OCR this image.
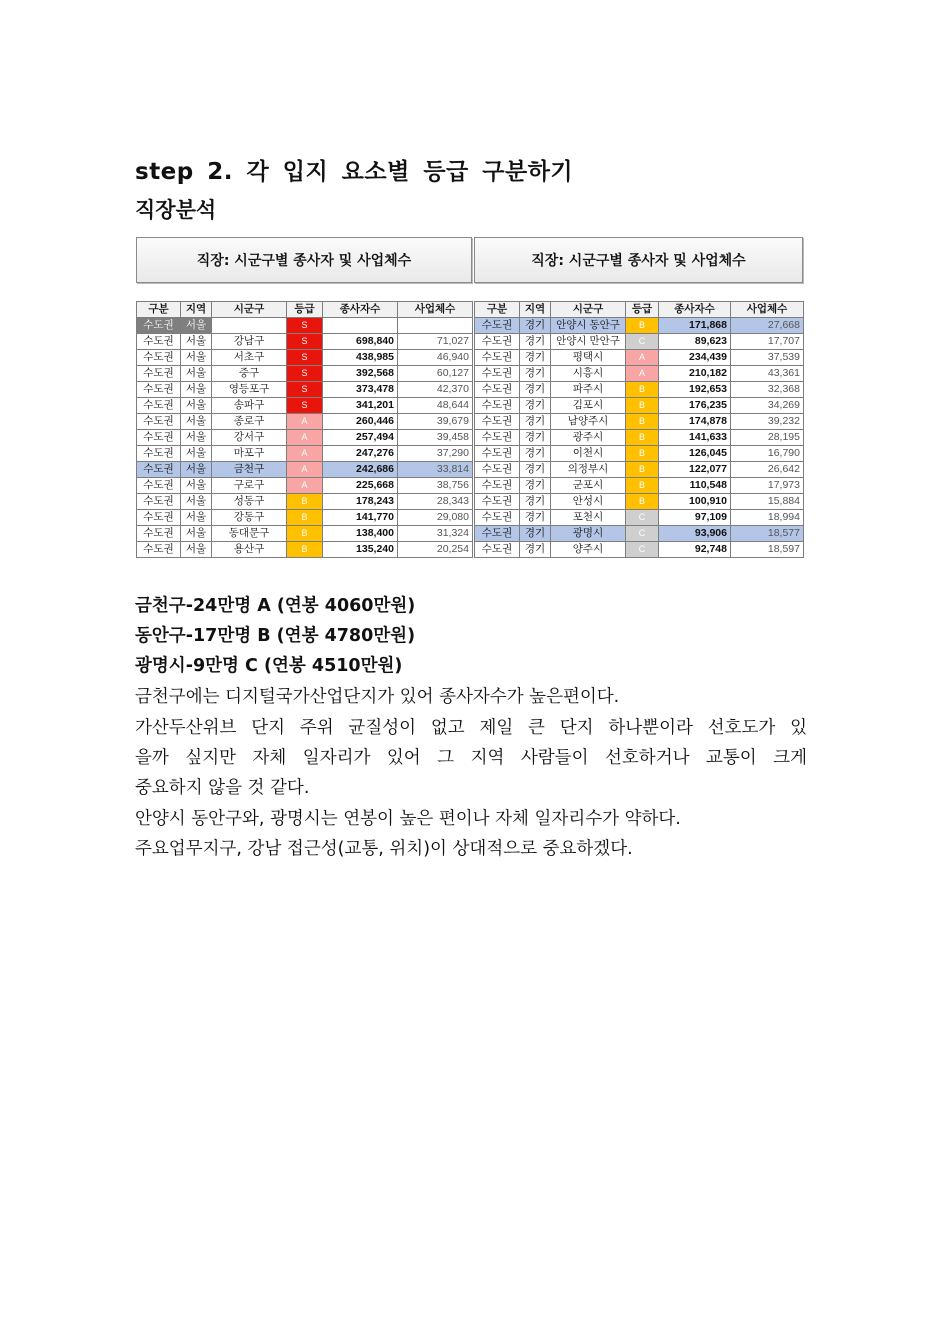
step 2. 각 입지 요소별 등급 구분하기
직장분석
직장: 시군구별 종사자 및 사업체수
구분	지역	시군구	등급	종사자수	사업체수
수도권	서울		S		
수도권	서울	강남구	S	698,840	71,027
수도권	서울	서초구	S	438,985	46,940
수도권	서울	중구	S	392,568	60,127
수도권	서울	영등포구	S	373,478	42,370
수도권	서울	송파구	S	341,201	48,644
수도권	서울	종로구	A	260,446	39,679
수도권	서울	강서구	A	257,494	39,458
수도권	서울	마포구	A	247,276	37,290
수도권	서울	금천구	A	242,686	33,814
수도권	서울	구로구	A	225,668	38,756
수도권	서울	성동구	B	178,243	28,343
수도권	서울	강동구	B	141,770	29,080
수도권	서울	동대문구	B	138,400	31,324
수도권	서울	용산구	B	135,240	20,254
직장: 시군구별 종사자 및 사업체수
구분	지역	시군구	등급	종사자수	사업체수
수도권	경기	안양시 동안구	B	171,868	27,668
수도권	경기	안양시 만안구	C	89,623	17,707
수도권	경기	평택시	A	234,439	37,539
수도권	경기	시흥시	A	210,182	43,361
수도권	경기	파주시	B	192,653	32,368
수도권	경기	김포시	B	176,235	34,269
수도권	경기	남양주시	B	174,878	39,232
수도권	경기	광주시	B	141,633	28,195
수도권	경기	이천시	B	126,045	16,790
수도권	경기	의정부시	B	122,077	26,642
수도권	경기	군포시	B	110,548	17,973
수도권	경기	안성시	B	100,910	15,884
수도권	경기	포천시	C	97,109	18,994
수도권	경기	광명시	C	93,906	18,577
수도권	경기	양주시	C	92,748	18,597
금천구-24만명 A (연봉 4060만원)
동안구-17만명 B (연봉 4780만원)
광명시-9만명 C (연봉 4510만원)
금천구에는 디지털국가산업단지가 있어 종사자수가 높은편이다.
가산두산위브 단지 주위 균질성이 없고 제일 큰 단지 하나뿐이라 선호도가 있
을까 싶지만 자체 일자리가 있어 그 지역 사람들이 선호하거나 교통이 크게
중요하지 않을 것 같다.
안양시 동안구와, 광명시는 연봉이 높은 편이나 자체 일자리수가 약하다.
주요업무지구, 강남 접근성(교통, 위치)이 상대적으로 중요하겠다.
